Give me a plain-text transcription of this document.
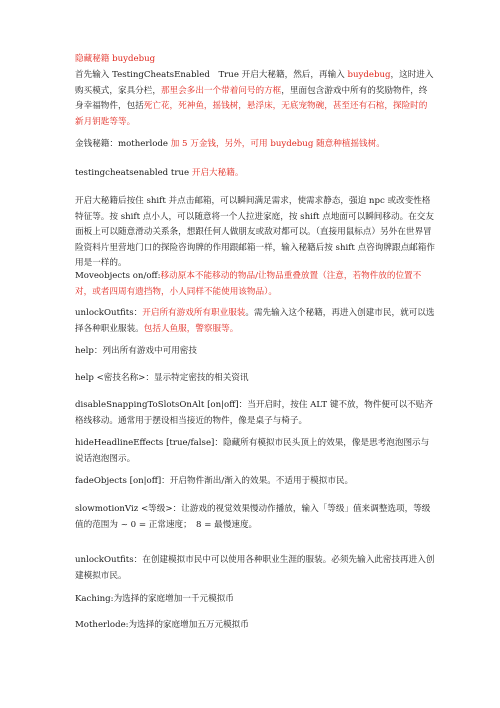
隐藏秘籍 buydebug

首先输入 TestingCheatsEnabled　True 开启大秘籍，然后，再输入 buydebug，这时进入购买模式，家具分栏，那里会多出一个带着问号的方框，里面包含游戏中所有的奖励物件，终身幸福物件，包括死亡花，死神鱼，摇钱树，悬浮床，无底宠物碗，甚至还有石棺，探险时的新月钥匙等等。

金钱秘籍：motherlode 加 5 万金钱，另外，可用 buydebug 随意种植摇钱树。

testingcheatsenabled true 开启大秘籍。

开启大秘籍后按住 shift 并点击邮箱，可以瞬间满足需求，使需求静态，强迫 npc 或改变性格特征等。按 shift 点小人，可以随意将一个人拉进家庭，按 shift 点地面可以瞬间移动。在交友面板上可以随意滑动关系条，想跟任何人做朋友或敌对都可以。（直接用鼠标点）另外在世界冒险资料片里营地门口的探险咨询牌的作用跟邮箱一样，输入秘籍后按 shift 点咨询牌跟点邮箱作用是一样的。

Moveobjects on/off:移动原本不能移动的物品/让物品重叠放置（注意，若物件放的位置不对，或者四周有遗挡物，小人同样不能使用该物品）。

unlockOutfits：开启所有游戏所有职业服装。需先输入这个秘籍，再进入创建市民，就可以选择各种职业服装。包括人鱼服，警察服等。

help：列出所有游戏中可用密技

help <密技名称>：显示特定密技的相关资讯

disableSnappingToSlotsOnAlt [on|off]：当开启时，按住 ALT 键不放，物件便可以不贴齐格线移动。通常用于摆设相当接近的物件，像是桌子与椅子。

hideHeadlineEffects [true/false]：隐藏所有模拟市民头顶上的效果，像是思考泡泡图示与说话泡泡图示。

fadeObjects [on|off]：开启物件渐出/渐入的效果。不适用于模拟市民。

slowmotionViz <等级>：让游戏的视觉效果慢动作播放，输入「等级」值来调整选项，等级值的范围为 ~ 0 = 正常速度；　8 = 最慢速度。

unlockOutfits：在创建模拟市民中可以使用各种职业生涯的服装。必须先输入此密技再进入创建模拟市民。

Kaching:为选择的家庭增加一千元模拟币

Motherlode:为选择的家庭增加五万元模拟币
